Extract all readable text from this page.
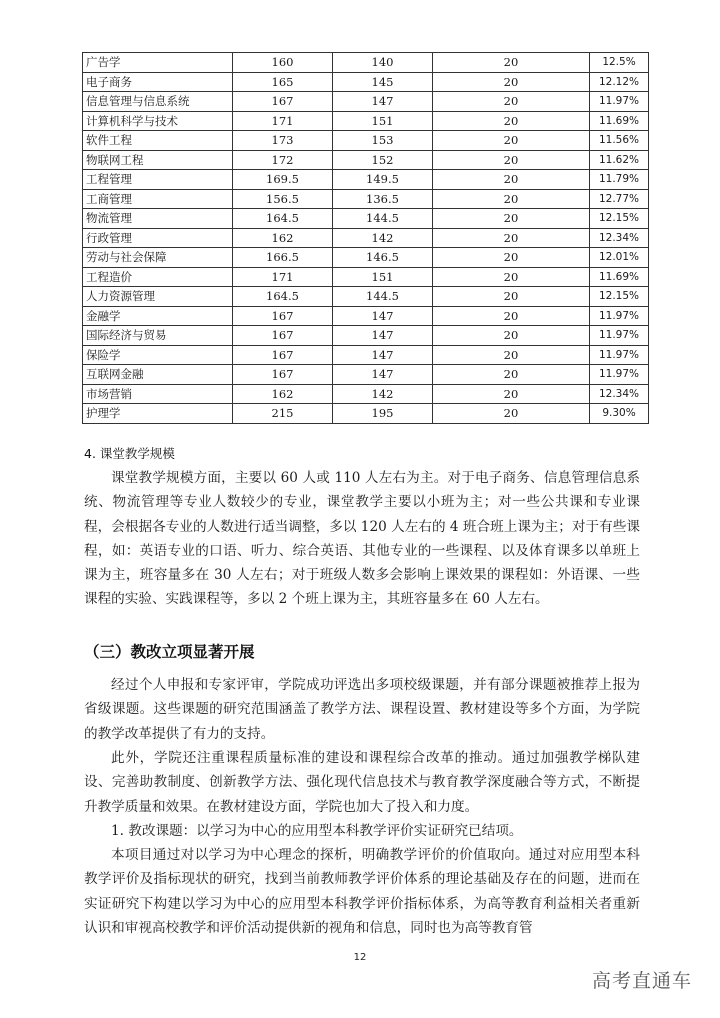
广告学	160	140	20	12.5%
电子商务	165	145	20	12.12%
信息管理与信息系统	167	147	20	11.97%
计算机科学与技术	171	151	20	11.69%
软件工程	173	153	20	11.56%
物联网工程	172	152	20	11.62%
工程管理	169.5	149.5	20	11.79%
工商管理	156.5	136.5	20	12.77%
物流管理	164.5	144.5	20	12.15%
行政管理	162	142	20	12.34%
劳动与社会保障	166.5	146.5	20	12.01%
工程造价	171	151	20	11.69%
人力资源管理	164.5	144.5	20	12.15%
金融学	167	147	20	11.97%
国际经济与贸易	167	147	20	11.97%
保险学	167	147	20	11.97%
互联网金融	167	147	20	11.97%
市场营销	162	142	20	12.34%
护理学	215	195	20	9.30%
4. 课堂教学规模

课堂教学规模方面，主要以 60 人或 110 人左右为主。对于电子商务、信息管理信息系统、物流管理等专业人数较少的专业，课堂教学主要以小班为主；对一些公共课和专业课程，会根据各专业的人数进行适当调整，多以 120 人左右的 4 班合班上课为主；对于有些课程，如：英语专业的口语、听力、综合英语、其他专业的一些课程、以及体育课多以单班上课为主，班容量多在 30 人左右；对于班级人数多会影响上课效果的课程如：外语课、一些课程的实验、实践课程等，多以 2 个班上课为主，其班容量多在 60 人左右。

（三）教改立项显著开展

经过个人申报和专家评审，学院成功评选出多项校级课题，并有部分课题被推荐上报为省级课题。这些课题的研究范围涵盖了教学方法、课程设置、教材建设等多个方面，为学院的教学改革提供了有力的支持。

此外，学院还注重课程质量标准的建设和课程综合改革的推动。通过加强教学梯队建设、完善助教制度、创新教学方法、强化现代信息技术与教育教学深度融合等方式，不断提升教学质量和效果。在教材建设方面，学院也加大了投入和力度。

1. 教改课题：以学习为中心的应用型本科教学评价实证研究已结项。

本项目通过对以学习为中心理念的探析，明确教学评价的价值取向。通过对应用型本科教学评价及指标现状的研究，找到当前教师教学评价体系的理论基础及存在的问题，进而在实证研究下构建以学习为中心的应用型本科教学评价指标体系，为高等教育利益相关者重新认识和审视高校教学和评价活动提供新的视角和信息，同时也为高等教育管

12
高考直通车
